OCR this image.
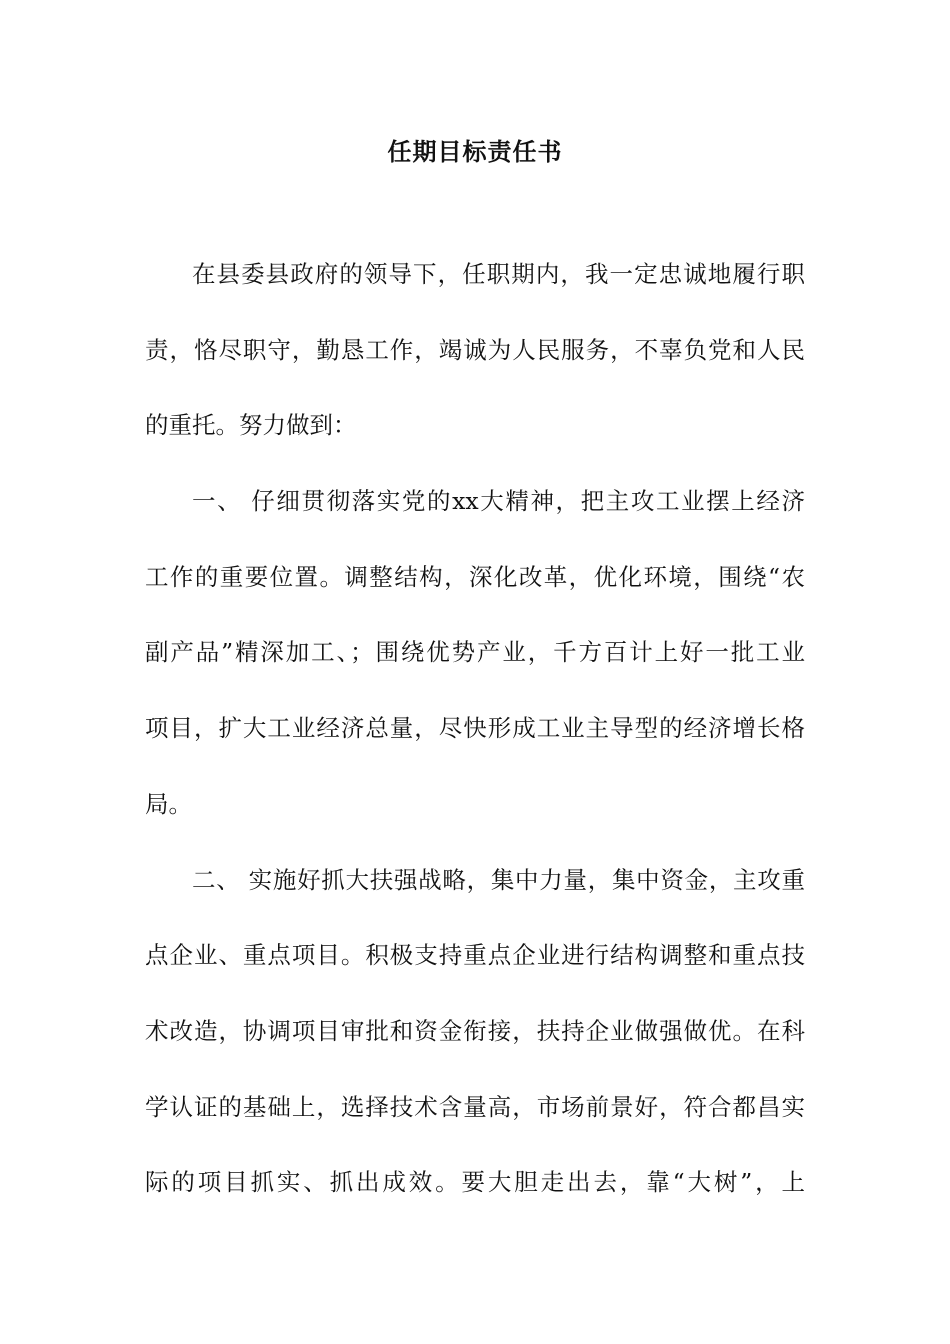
任期目标责任书
在县委县政府的领导下，任职期内，我一定忠诚地履行职
责，恪尽职守，勤恳工作，竭诚为人民服务，不辜负党和人民
的重托。努力做到：
一、 仔细贯彻落实党的xx大精神，把主攻工业摆上经济
工作的重要位置。调整结构，深化改革，优化环境，围绕“农
副产品”精深加工、；围绕优势产业，千方百计上好一批工业
项目，扩大工业经济总量，尽快形成工业主导型的经济增长格
局。
二、 实施好抓大扶强战略，集中力量，集中资金，主攻重
点企业、重点项目。积极支持重点企业进行结构调整和重点技
术改造，协调项目审批和资金衔接，扶持企业做强做优。在科
学认证的基础上，选择技术含量高，市场前景好，符合都昌实
际的项目抓实、抓出成效。要大胆走出去，靠“大树”，上
